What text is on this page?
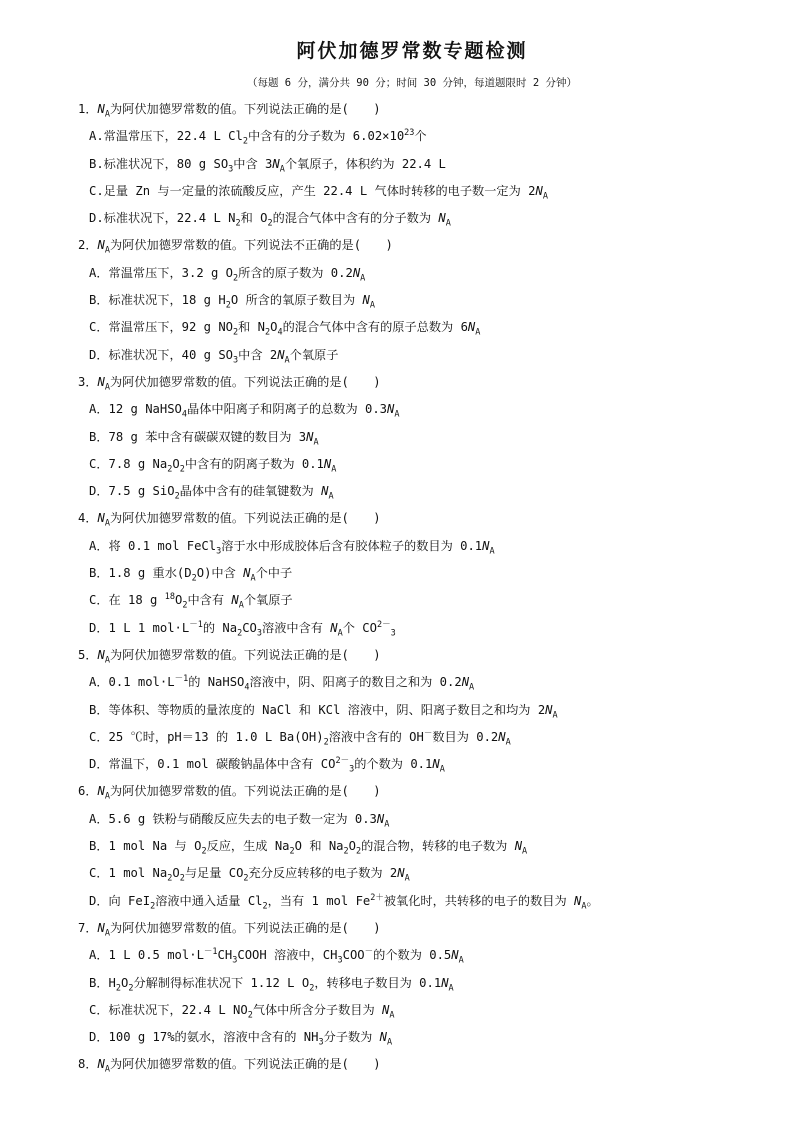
阿伏加德罗常数专题检测
（每题 6 分，满分共 90 分；时间 30 分钟，每道题限时 2 分钟）
1．$N_A$为阿伏加德罗常数的值。下列说法正确的是(　　)
A.常温常压下，22.4 L $Cl_2$中含有的分子数为 $6.02\times 10^{23}$个
B.标准状况下，80 g $SO_3$中含 $3N_A$个氧原子，体积约为 22.4 L
C.足量 Zn 与一定量的浓硫酸反应，产生 22.4 L 气体时转移的电子数一定为 $2N_A$
D.标准状况下，22.4 L $N_2$和 $O_2$的混合气体中含有的分子数为 $N_A$
2．$N_A$为阿伏加德罗常数的值。下列说法不正确的是(　　)
A．常温常压下，3.2 g $O_2$所含的原子数为 $0.2N_A$
B．标准状况下，18 g $H_2O$ 所含的氧原子数目为 $N_A$
C．常温常压下，92 g $NO_2$和 $N_2O_4$的混合气体中含有的原子总数为 $6N_A$
D．标准状况下，40 g $SO_3$中含 $2N_A$个氧原子
3．$N_A$为阿伏加德罗常数的值。下列说法正确的是(　　)
A．12 g NaHSO$_4$晶体中阳离子和阴离子的总数为 $0.3N_A$
B．78 g 苯中含有碳碳双键的数目为 $3N_A$
C．7.8 g $Na_2O_2$中含有的阴离子数为 $0.1N_A$
D．7.5 g SiO$_2$晶体中含有的硅氧键数为 $N_A$
4．$N_A$为阿伏加德罗常数的值。下列说法正确的是(　　)
A．将 0.1 mol FeCl$_3$溶于水中形成胶体后含有胶体粒子的数目为 $0.1N_A$
B．1.8 g 重水$(D_2O)$中含 $N_A$个中子
C．在 18 g $^{18}O_2$中含有 $N_A$个氧原子
D．1 L 1 $mol\cdot L^{-1}$的 $Na_2CO_3$溶液中含有 $N_A$个 $CO^{2-}_3$
5．$N_A$为阿伏加德罗常数的值。下列说法正确的是(　　)
A．0.1 $mol\cdot L^{-1}$的 NaHSO$_4$溶液中，阴、阳离子的数目之和为 $0.2N_A$
B．等体积、等物质的量浓度的 NaCl 和 KCl 溶液中，阴、阳离子数目之和均为 $2N_A$
C．25 ℃时，pH＝13 的 1.0 L $Ba(OH)_2$溶液中含有的 OH－数目为 $0.2N_A$
D．常温下，0.1 mol 碳酸钠晶体中含有 $CO^{2-}_3$的个数为 $0.1N_A$
6．$N_A$为阿伏加德罗常数的值。下列说法正确的是(　　)
A．5.6 g 铁粉与硝酸反应失去的电子数一定为 $0.3N_A$
B．1 mol Na 与 $O_2$反应，生成 $Na_2O$ 和 $Na_2O_2$的混合物，转移的电子数为 $N_A$
C．1 mol $Na_2O_2$与足量 $CO_2$充分反应转移的电子数为 $2N_A$
D．向 FeI$_2$溶液中通入适量 $Cl_2$，当有 1 mol $Fe^{2+}$被氧化时，共转移的电子的数目为 $N_A$。
7．$N_A$为阿伏加德罗常数的值。下列说法正确的是(　　)
A．1 L 0.5 $mol\cdot L^{-1}CH_3COOH$ 溶液中，$CH_3COO^-$的个数为 $0.5N_A$
B．$H_2O_2$分解制得标准状况下 1.12 L $O_2$，转移电子数目为 $0.1N_A$
C．标准状况下，22.4 L $NO_2$气体中所含分子数目为 $N_A$
D．100 g 17%的氨水，溶液中含有的 $NH_3$分子数为 $N_A$
8．$N_A$为阿伏加德罗常数的值。下列说法正确的是(　　)
